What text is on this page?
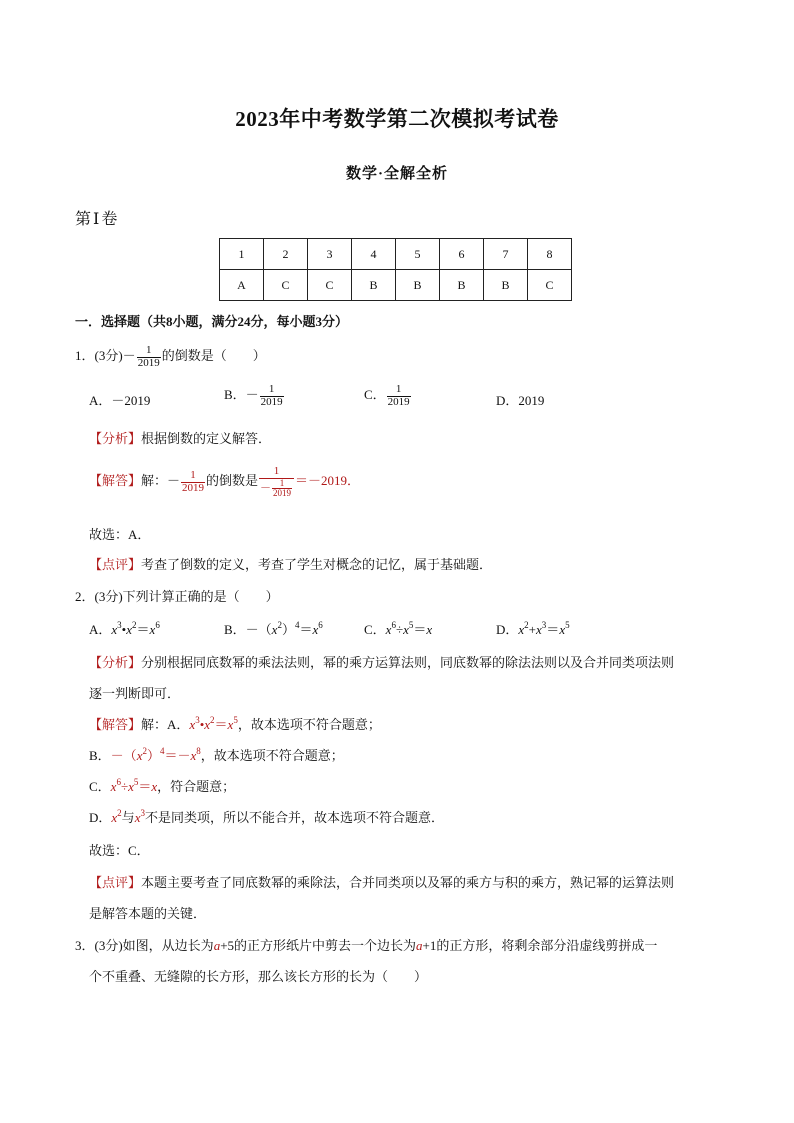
2023年中考数学第二次模拟考试卷
数学·全解全析
第Ⅰ卷
1	2	3	4	5	6	7	8
A	C	C	B	B	B	B	C
一．选择题（共8小题，满分24分，每小题3分）
1．(3分)－ $\frac{1}{2019}$ 的倒数是（　　）
A．－2019	B．－ $\frac{1}{2019}$	C． $\frac{1}{2019}$	D．2019
【分析】根据倒数的定义解答．
【解答】解：－ $\frac{1}{2019}$ 的倒数是 $\frac{1}{- \frac{1}{2019}} =-2019$．
故选：A．
【点评】考查了倒数的定义，考查了学生对概念的记忆，属于基础题．
2．(3分)下列计算正确的是（　　）
A．$x^3•x^2=x^6$	B．$-(x^2)^4=x^6$	C．$x^6\div x^5=x$	D．$x^2+x^3=x^5$
【分析】分别根据同底数幂的乘法法则，幂的乘方运算法则，同底数幂的除法法则以及合并同类项法则
逐一判断即可．
【解答】解：A．$x^3•x^2=x^5$，故本选项不符合题意；
B．$-(x^2)^4=-x^8$，故本选项不符合题意；
C．$x^6\div x^5=x$，符合题意；
D．$x^2$与$x^3$不是同类项，所以不能合并，故本选项不符合题意．
故选：C．
【点评】本题主要考查了同底数幂的乘除法，合并同类项以及幂的乘方与积的乘方，熟记幂的运算法则
是解答本题的关键．
3．(3分)如图，从边长为a+5的正方形纸片中剪去一个边长为a+1的正方形，将剩余部分沿虚线剪拼成一
个不重叠、无缝隙的长方形，那么该长方形的长为（　　）
